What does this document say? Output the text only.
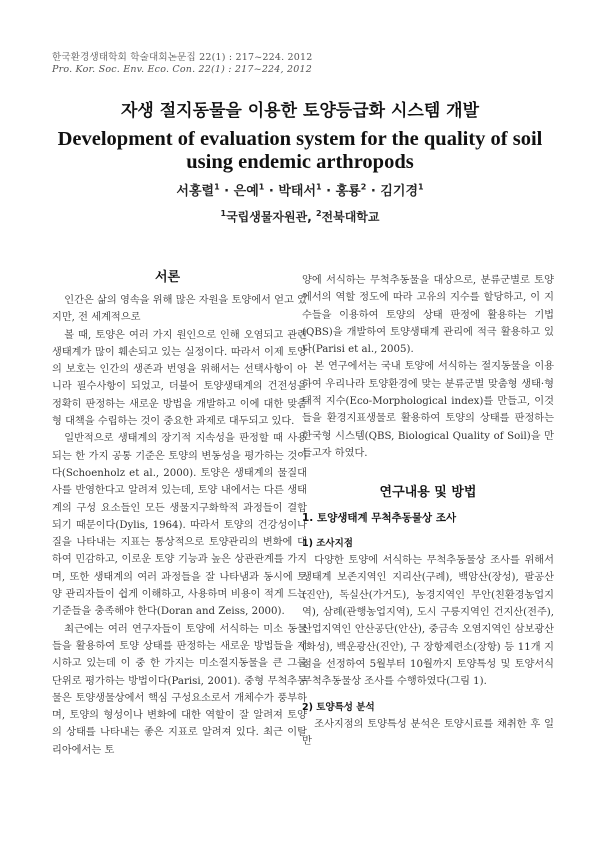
한국환경생태학회 학술대회논문집 22(1) : 217~224. 2012
Pro. Kor. Soc. Env. Eco. Con. 22(1) : 217~224, 2012
자생 절지동물을 이용한 토양등급화 시스템 개발
Development of evaluation system for the quality of soil using endemic arthropods
서홍렬$^1$ · 은예$^1$ · 박태서$^1$ · 홍룡$^2$ · 김기경$^1$
$^1$국립생물자원관, $^2$전북대학교
서론

인간은 삶의 영속을 위해 많은 자원을 토양에서 얻고 있지만, 전 세계적으로

볼 때, 토양은 여러 가지 원인으로 인해 오염되고 관련 생태계가 많이 훼손되고 있는 실정이다. 따라서 이제 토양의 보호는 인간의 생존과 번영을 위해서는 선택사항이 아니라 필수사항이 되었고, 더불어 토양생태계의 건전성을 정확히 판정하는 새로운 방법을 개발하고 이에 대한 맞춤형 대책을 수립하는 것이 중요한 과제로 대두되고 있다.

일반적으로 생태계의 장기적 지속성을 판정할 때 사용되는 한 가지 공통 기준은 토양의 변동성을 평가하는 것이다(Schoenholz et al., 2000). 토양은 생태계의 물질대사를 반영한다고 알려져 있는데, 토양 내에서는 다른 생태계의 구성 요소들인 모든 생물지구화학적 과정들이 결합되기 때문이다(Dylis, 1964). 따라서 토양의 건강성이나 질을 나타내는 지표는 통상적으로 토양관리의 변화에 대하여 민감하고, 이로운 토양 기능과 높은 상관관계를 가지며, 또한 생태계의 여러 과정들을 잘 나타냄과 동시에 토양 관리자들이 쉽게 이해하고, 사용하며 비용이 적게 드는 기준들을 충족해야 한다(Doran and Zeiss, 2000).

최근에는 여러 연구자들이 토양에 서식하는 미소 동물들을 활용하여 토양 상태를 판정하는 새로운 방법들을 제시하고 있는데 이 중 한 가지는 미소절지동물을 큰 그룹 단위로 평가하는 방법이다(Parisi, 2001). 중형 무척추동물은 토양생물상에서 핵심 구성요소로서 개체수가 풍부하며, 토양의 형성이나 변화에 대한 역할이 잘 알려져 토양의 상태를 나타내는 좋은 지표로 알려져 있다. 최근 이탈리아에서는 토

양에 서식하는 무척추동물을 대상으로, 분류군별로 토양에서의 역할 정도에 따라 고유의 지수를 할당하고, 이 지수들을 이용하여 토양의 상태 판정에 활용하는 기법(QBS)을 개발하여 토양생태계 관리에 적극 활용하고 있다(Parisi et al., 2005).

본 연구에서는 국내 토양에 서식하는 절지동물을 이용하여 우리나라 토양환경에 맞는 분류군별 맞춤형 생태·형태적 지수(Eco-Morphological index)를 만들고, 이것들을 환경지표생물로 활용하여 토양의 상태를 판정하는 한국형 시스템(QBS, Biological Quality of Soil)을 만들고자 하였다.

연구내용 및 방법

1. 토양생태계 무척추동물상 조사

1) 조사지점

다양한 토양에 서식하는 무척추동물상 조사를 위해서 생태계 보존지역인 지리산(구례), 백암산(장성), 팔공산(진안), 독실산(가거도), 농경지역인 무안(친환경농업지역), 삼례(관행농업지역), 도시 구릉지역인 건지산(전주), 산업지역인 안산공단(안산), 중금속 오염지역인 삼보광산(화성), 백운광산(진안), 구 장항제련소(장항) 등 11개 지점을 선정하여 5월부터 10월까지 토양특성 및 토양서식 무척추동물상 조사를 수행하였다(그림 1).

2) 토양특성 분석

조사지점의 토양특성 분석은 토양시료를 채취한 후 일반
